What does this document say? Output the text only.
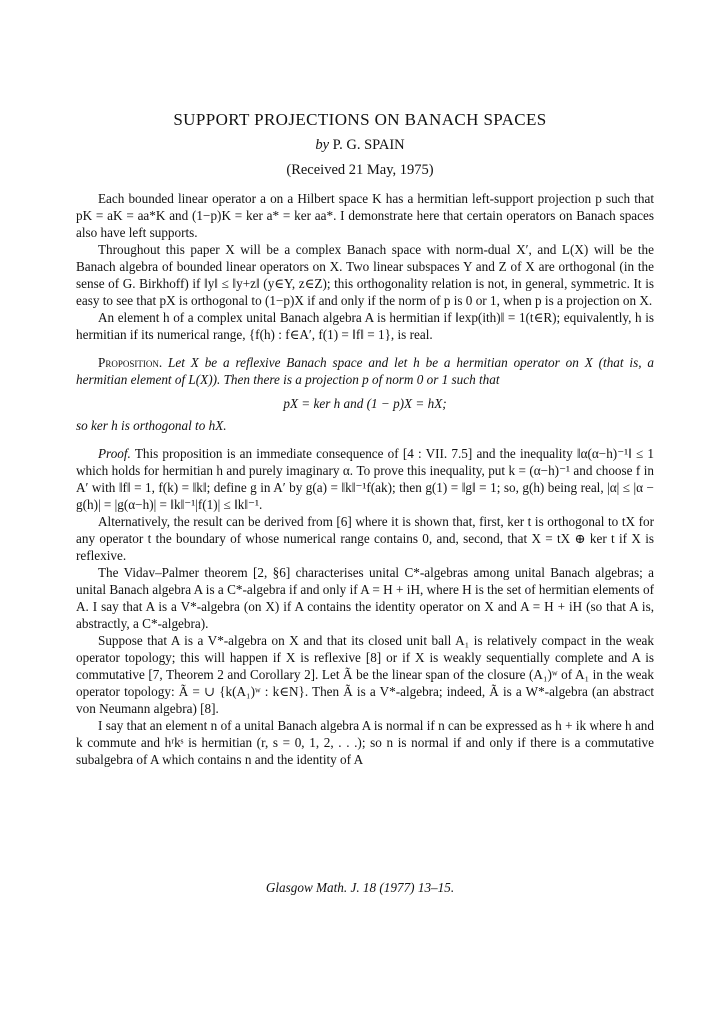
SUPPORT PROJECTIONS ON BANACH SPACES
by P. G. SPAIN
(Received 21 May, 1975)

Each bounded linear operator a on a Hilbert space K has a hermitian left-support projection p such that pK = aK = aa*K and (1−p)K = ker a* = ker aa*. I demonstrate here that certain operators on Banach spaces also have left supports.

Throughout this paper X will be a complex Banach space with norm-dual X′, and L(X) will be the Banach algebra of bounded linear operators on X. Two linear subspaces Y and Z of X are orthogonal (in the sense of G. Birkhoff) if ‖y‖ ≤ ‖y+z‖ (y∈Y, z∈Z); this orthogonality relation is not, in general, symmetric. It is easy to see that pX is orthogonal to (1−p)X if and only if the norm of p is 0 or 1, when p is a projection on X.

An element h of a complex unital Banach algebra A is hermitian if ‖exp(ith)‖ = 1(t∈R); equivalently, h is hermitian if its numerical range, {f(h) : f∈A′, f(1) = ‖f‖ = 1}, is real.

Proposition. Let X be a reflexive Banach space and let h be a hermitian operator on X (that is, a hermitian element of L(X)). Then there is a projection p of norm 0 or 1 such that

pX = ker h and (1 − p)X = hX;

so ker h is orthogonal to hX.

Proof. This proposition is an immediate consequence of [4 : VII. 7.5] and the inequality ‖α(α−h)⁻¹‖ ≤ 1 which holds for hermitian h and purely imaginary α. To prove this inequality, put k = (α−h)⁻¹ and choose f in A′ with ‖f‖ = 1, f(k) = ‖k‖; define g in A′ by g(a) = ‖k‖⁻¹f(ak); then g(1) = ‖g‖ = 1; so, g(h) being real, |α| ≤ |α − g(h)| = |g(α−h)| = ‖k‖⁻¹|f(1)| ≤ ‖k‖⁻¹.

Alternatively, the result can be derived from [6] where it is shown that, first, ker t is orthogonal to tX for any operator t the boundary of whose numerical range contains 0, and, second, that X = tX ⊕ ker t if X is reflexive.

The Vidav–Palmer theorem [2, §6] characterises unital C*-algebras among unital Banach algebras; a unital Banach algebra A is a C*-algebra if and only if A = H + iH, where H is the set of hermitian elements of A. I say that A is a V*-algebra (on X) if A contains the identity operator on X and A = H + iH (so that A is, abstractly, a C*-algebra).

Suppose that A is a V*-algebra on X and that its closed unit ball A₁ is relatively compact in the weak operator topology; this will happen if X is reflexive [8] or if X is weakly sequentially complete and A is commutative [7, Theorem 2 and Corollary 2]. Let Ã be the linear span of the closure (A₁)ʷ of A₁ in the weak operator topology: Ã = ∪ {k(A₁)ʷ : k∈N}. Then Ã is a V*-algebra; indeed, Ã is a W*-algebra (an abstract von Neumann algebra) [8].

I say that an element n of a unital Banach algebra A is normal if n can be expressed as h + ik where h and k commute and hʳkˢ is hermitian (r, s = 0, 1, 2, . . .); so n is normal if and only if there is a commutative subalgebra of A which contains n and the identity of A

Glasgow Math. J. 18 (1977) 13–15.
